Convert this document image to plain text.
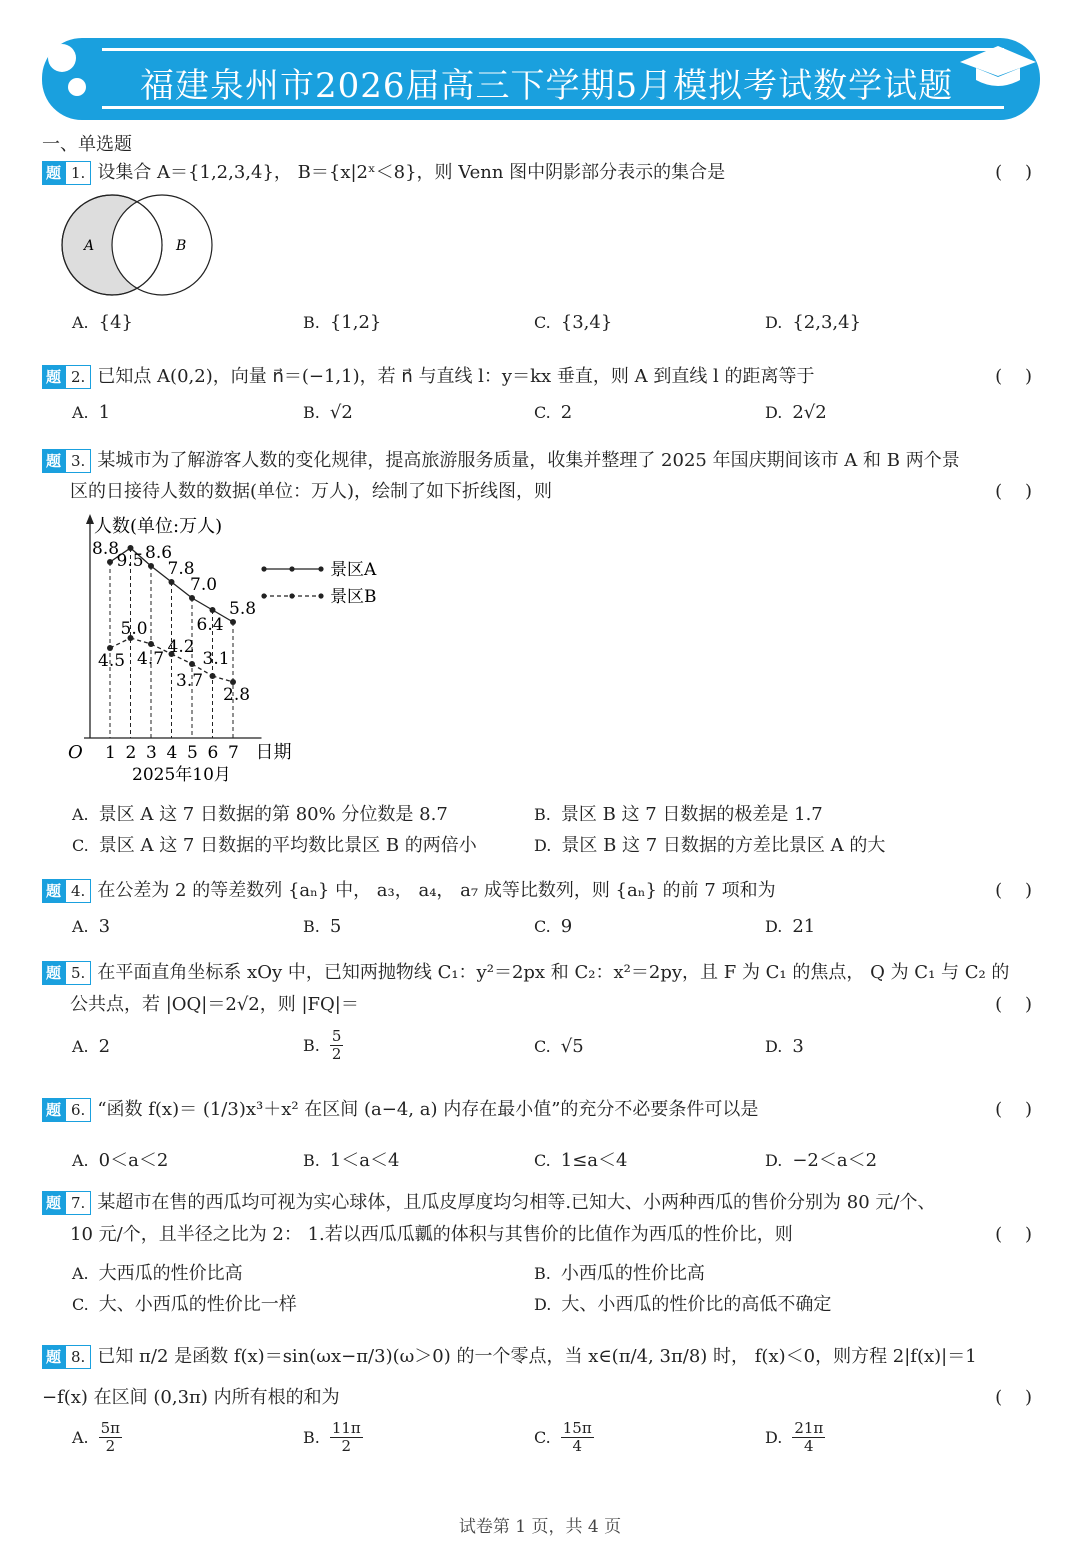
福建泉州市2026届高三下学期5月模拟考试数学试题
一、单选题
题 1. 设集合 A＝{1,2,3,4}， B＝{x|2ˣ＜8}，则 Venn 图中阴影部分表示的集合是	(    )
A	B
A. {4}	B. {1,2}	C. {3,4}	D. {2,3,4}
题 2. 已知点 A(0,2)，向量 n⃗＝(−1,1)，若 n⃗ 与直线 l：y＝kx 垂直，则 A 到直线 l 的距离等于	(    )
A. 1	B. √2	C. 2	D. 2√2
题 3. 某城市为了解游客人数的变化规律，提高旅游服务质量，收集并整理了 2025 年国庆期间该市 A 和 B 两个景
区的日接待人数的数据(单位：万人)，绘制了如下折线图，则	(    )
人数(单位:万人)
日期
O
2025年10月
1 2 3 4 5 6 7
8.8
9.5 8.6
7.8
7.0
6.4
5.8
4.5
5.0
4.7
4.2
3.7
3.1
2.8
景区A
景区B
A. 景区 A 这 7 日数据的第 80% 分位数是 8.7	B. 景区 B 这 7 日数据的极差是 1.7
C. 景区 A 这 7 日数据的平均数比景区 B 的两倍小	D. 景区 B 这 7 日数据的方差比景区 A 的大
题 4. 在公差为 2 的等差数列 {aₙ} 中， a₃， a₄， a₇ 成等比数列，则 {aₙ} 的前 7 项和为	(    )
A. 3	B. 5	C. 9	D. 21
题 5. 在平面直角坐标系 xOy 中，已知两抛物线 C₁：y²＝2px 和 C₂：x²＝2py，且 F 为 C₁ 的焦点， Q 为 C₁ 与 C₂ 的
公共点，若 |OQ|＝2√2，则 |FQ|＝	(    )
A. 2	B. $\frac{5}{2}$	C. √5	D. 3
题 6. “函数 f(x)＝ (1/3)x³＋x² 在区间 (a−4, a) 内存在最小值”的充分不必要条件可以是	(    )
A. 0＜a＜2	B. 1＜a＜4	C. 1≤a＜4	D. −2＜a＜2
题 7. 某超市在售的西瓜均可视为实心球体，且瓜皮厚度均匀相等.已知大、小两种西瓜的售价分别为 80 元/个、
10 元/个，且半径之比为 2： 1.若以西瓜瓜瓤的体积与其售价的比值作为西瓜的性价比，则	(    )
A. 大西瓜的性价比高	B. 小西瓜的性价比高
C. 大、小西瓜的性价比一样	D. 大、小西瓜的性价比的高低不确定
题 8. 已知 π/2 是函数 f(x)＝sin(ωx−π/3)(ω＞0) 的一个零点，当 x∈(π/4, 3π/8) 时， f(x)＜0，则方程 2|f(x)|＝1
−f(x) 在区间 (0,3π) 内所有根的和为	(    )
A. $\frac{5\pi}{2}$	B. $\frac{11\pi}{2}$	C. $\frac{15\pi}{4}$	D. $\frac{21\pi}{4}$
试卷第 1 页，共 4 页
